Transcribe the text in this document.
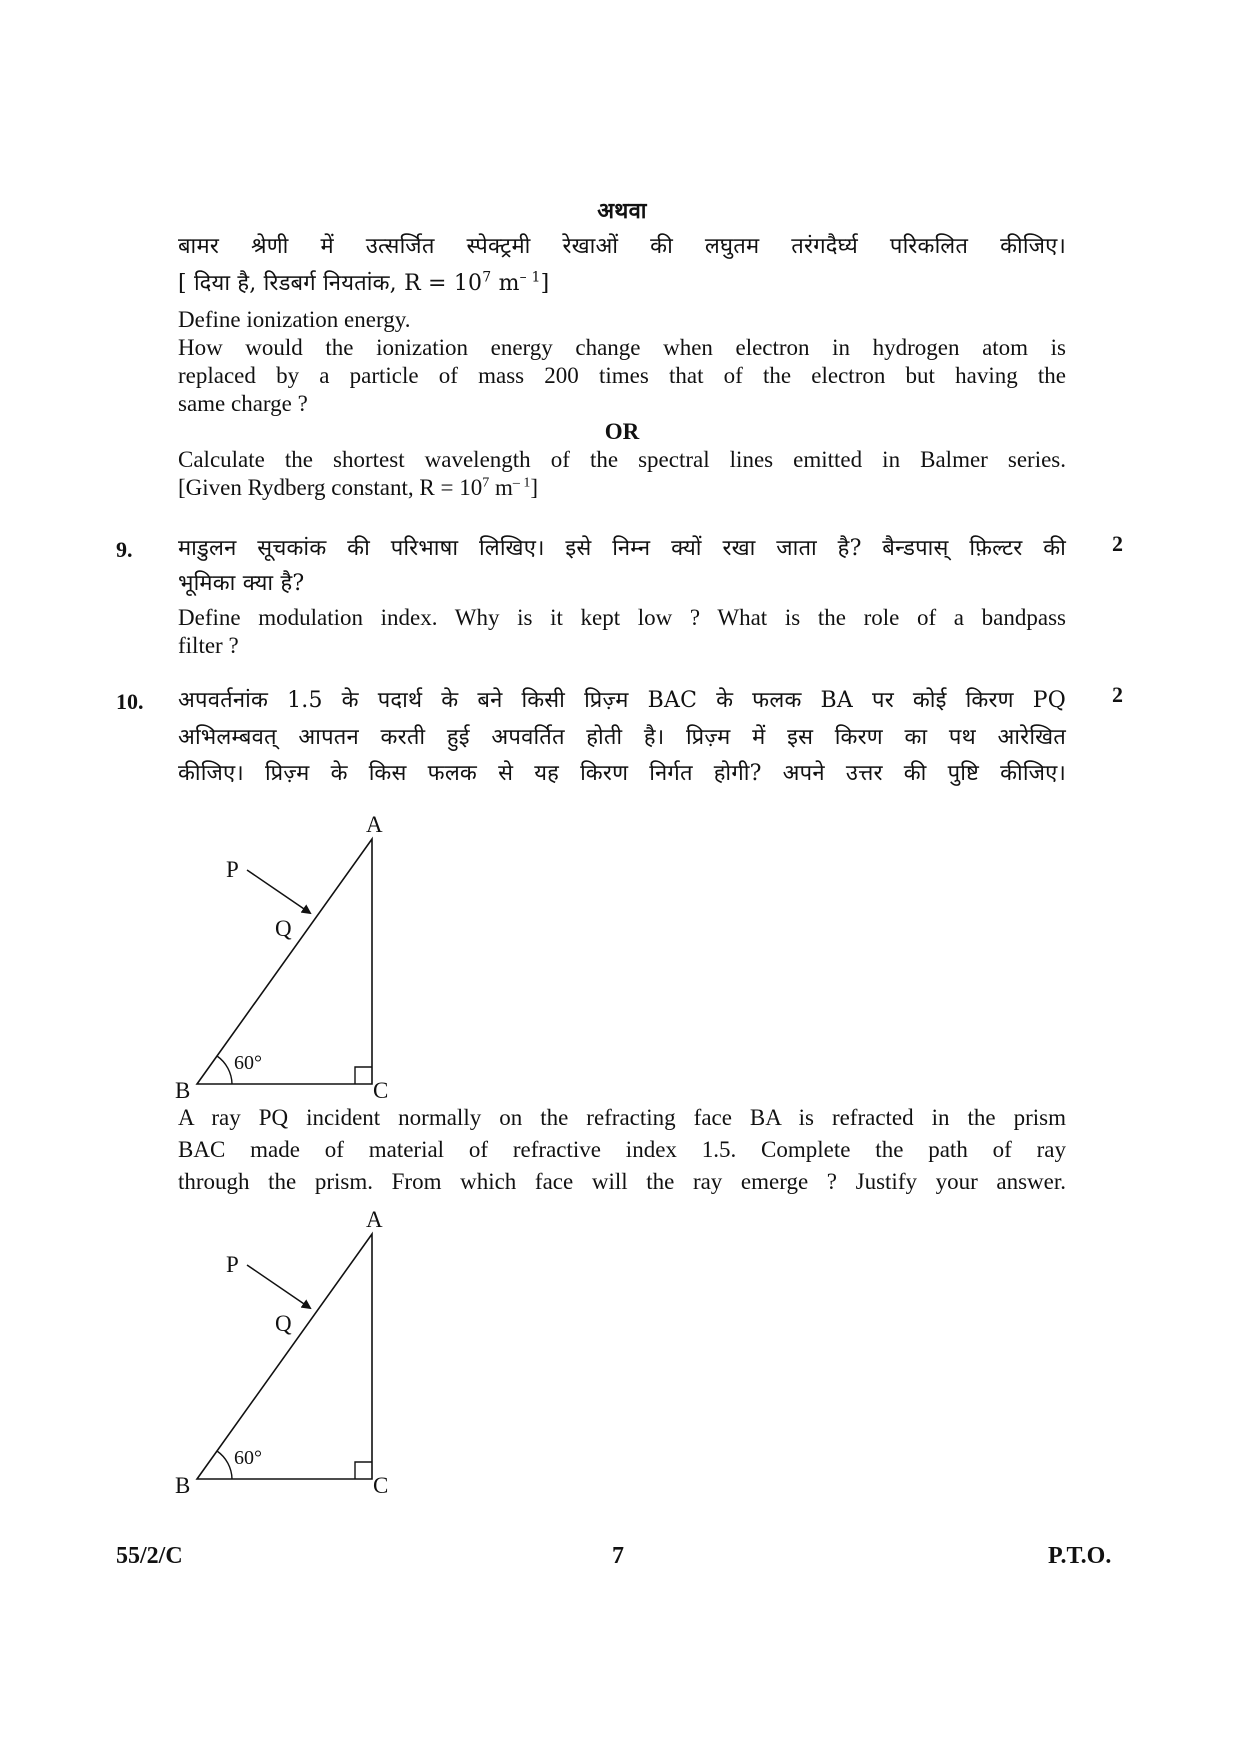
अथवा
बामर श्रेणी में उत्सर्जित स्पेक्ट्रमी रेखाओं की लघुतम तरंगदैर्घ्य परिकलित कीजिए।
[ दिया है, रिडबर्ग नियतांक, $R = 10^7$ $m^{- 1}$]
Define ionization energy.
How would the ionization energy change when electron in hydrogen atom is
replaced by a particle of mass 200 times that of the electron but having the
same charge ?
OR
Calculate the shortest wavelength of the spectral lines emitted in Balmer series.
[Given Rydberg constant, $R = 10^7$ $m^{- 1}$]
9.	2
माडुलन सूचकांक की परिभाषा लिखिए। इसे निम्न क्यों रखा जाता है? बैन्डपास् फ़िल्टर की
भूमिका क्या है?
Define modulation index. Why is it kept low ? What is the role of a bandpass
filter ?
10.	2
अपवर्तनांक 1.5 के पदार्थ के बने किसी प्रिज़्म BAC के फलक BA पर कोई किरण PQ
अभिलम्बवत् आपतन करती हुई अपवर्तित होती है। प्रिज़्म में इस किरण का पथ आरेखित
कीजिए। प्रिज़्म के किस फलक से यह किरण निर्गत होगी? अपने उत्तर की पुष्टि कीजिए।
A
B	C
P
Q
60°
A ray PQ incident normally on the refracting face BA is refracted in the prism
BAC made of material of refractive index 1.5. Complete the path of ray
through the prism. From which face will the ray emerge ? Justify your answer.
A
B	C
P
Q
60°
55/2/C	7	P.T.O.
